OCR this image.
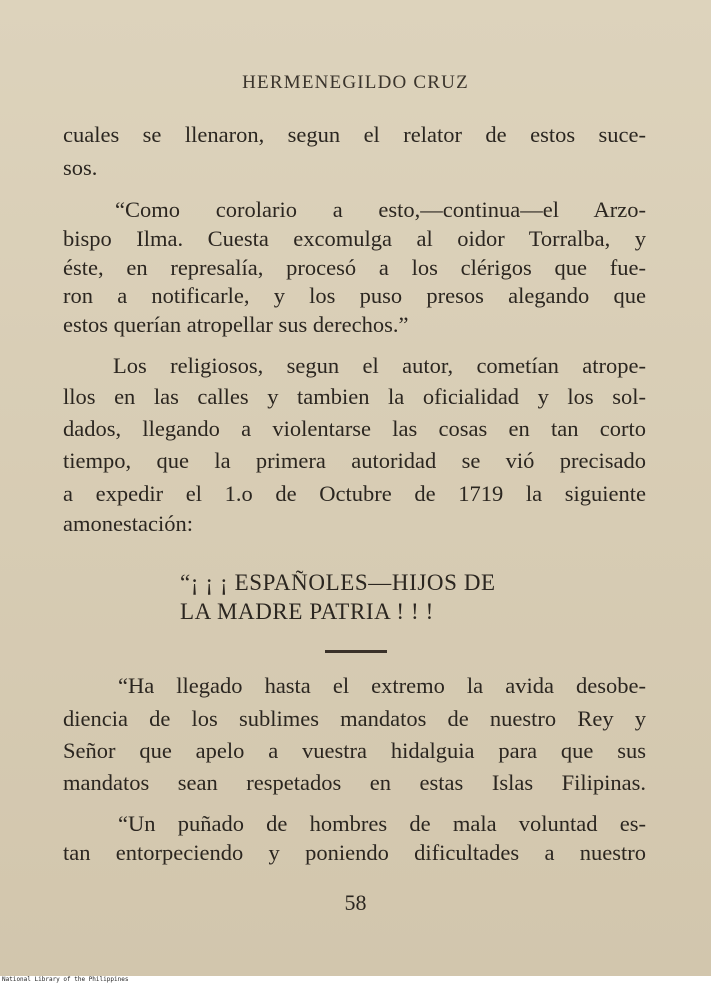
HERMENEGILDO CRUZ
cuales se llenaron, segun el relator de estos suce-
sos.
“Como corolario a esto,—continua—el Arzo-
bispo Ilma. Cuesta excomulga al oidor Torralba, y
éste, en represalía, procesó a los clérigos que fue-
ron a notificarle, y los puso presos alegando que
estos querían atropellar sus derechos.”
Los religiosos, segun el autor, cometían atrope-
llos en las calles y tambien la oficialidad y los sol-
dados, llegando a violentarse las cosas en tan corto
tiempo, que la primera autoridad se vió precisado
a expedir el 1.o de Octubre de 1719 la siguiente
amonestación:
“¡ ¡ ¡ ESPAÑOLES—HIJOS DE
LA MADRE PATRIA ! ! !
“Ha llegado hasta el extremo la avida desobe-
diencia de los sublimes mandatos de nuestro Rey y
Señor que apelo a vuestra hidalguia para que sus
mandatos sean respetados en estas Islas Filipinas.
“Un puñado de hombres de mala voluntad es-
tan entorpeciendo y poniendo dificultades a nuestro
58
National Library of the Philippines
